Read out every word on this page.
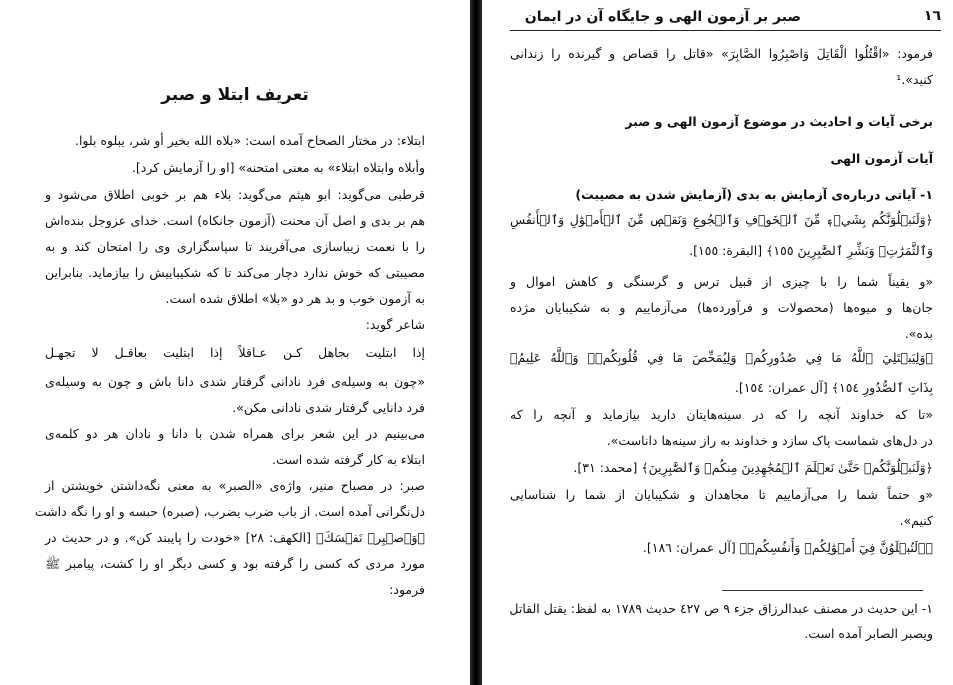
تعریف ابتلا و صبر
ابتلاء: در مختار الصحاح آمده است: «بلاه الله بخير أو شر، يبلوه بلوا.
وأبلاه وابتلاه ابتلاء» به معنی امتحنه» [او را آزمایش کرد].
قرطبی می‌گوید: ابو هیثم می‌گوید: بلاء هم بر خوبی اطلاق می‌شود و
هم بر بدی و اصل آن محنت (آزمون جانکاه) است. خدای عزوجل بنده‌اش
را با نعمت زیباسازی می‌آفریند تا سپاسگزاری وی را امتحان کند و به
مصیبتی که خوش ندارد دچار می‌کند تا که شکیباییش را بیازماید. بنابراین
به آزمون خوب و بد هر دو «بلا» اطلاق شده است.
شاعر گوید:
إذا ابتليت بجاهل كـن عـاقلاً إذا ابتليت بعاقـل لا تجهـل
«چون به وسیله‌ی فرد نادانی گرفتار شدی دانا باش و چون به وسیله‌ی
فرد دانایی گرفتار شدی نادانی مکن».
می‌بینیم در این شعر برای همراه شدن با دانا و نادان هر دو کلمه‌ی
ابتلاء به کار گرفته شده است.
صبر: در مصباح منیر، واژه‌ی «الصبر» به معنی نگه‌داشتن خویشتن از
دل‌نگرانی آمده است. از باب ضرب يضرب، (صبره) حبسه و او را نگه داشت
﴿وَٱصۡبِرۡ نَفۡسَكَ﴾ [الكهف: ٢٨] «خودت را پایبند کن». و در حدیث در
مورد مردی که کسی را گرفته بود و کسی دیگر او را کشت، پیامبر ﷺ
فرمود:
١٦
صبر بر آزمون الهی و جایگاه آن در ایمان
فرمود: «اقْتُلُوا الْقَاتِلَ وَاصْبِرُوا الصَّابِرَ» «قاتل را قصاص و گیرنده را زندانی
کنید».¹
برخی آیات و احادیث در موضوع آزمون الهی و صبر
آیات آزمون الهی
۱- آیاتی درباره‌ی آزمایش به بدی (آزمایش شدن به مصیبت)
﴿وَلَنَبۡلُوَنَّكُم بِشَيۡءٖ مِّنَ ٱلۡخَوۡفِ وَٱلۡجُوعِ وَنَقۡصٖ مِّنَ ٱلۡأَمۡوَٰلِ وَٱلۡأَنفُسِ
وَٱلثَّمَرَٰتِۗ وَبَشِّرِ ٱلصَّٰبِرِينَ ١٥٥﴾ [البقرة: ١٥٥].
«و یقیناً شما را با چیزی از قبیل ترس و گرسنگی و کاهش اموال و
جان‌ها و میوه‌ها (محصولات و فرآورده‌ها) می‌آزماییم و به شکیبایان مژده
بده».
﴿وَلِيَبۡتَلِيَ ٱللَّهُ مَا فِي صُدُورِكُمۡ وَلِيُمَحِّصَ مَا فِي قُلُوبِكُمۡۚ وَٱللَّهُ عَلِيمُۢ
بِذَاتِ ٱلصُّدُورِ ١٥٤﴾ [آل عمران: ١٥٤].
«تا که خداوند آنچه را که در سینه‌هایتان دارید بیازماید و آنچه را که
در دل‌های شماست پاک سازد و خداوند به راز سینه‌ها داناست».
﴿وَلَنَبۡلُوَنَّكُمۡ حَتَّىٰ نَعۡلَمَ ٱلۡمُجَٰهِدِينَ مِنكُمۡ وَٱلصَّٰبِرِينَ﴾ [محمد: ٣١].
«و حتماً شما را می‌آزماییم تا مجاهدان و شکیبایان از شما را شناسایی
کنیم».
﴿۞لَتُبۡلَوُنَّ فِيٓ أَمۡوَٰلِكُمۡ وَأَنفُسِكُمۡ﴾ [آل عمران: ١٨٦].
١- این حدیث در مصنف عبدالرزاق جزء ٩ ص ٤٢٧ حدیث ١٧٨٩ به لفظ: يقتل القاتل
ويصبر الصابر آمده است.
